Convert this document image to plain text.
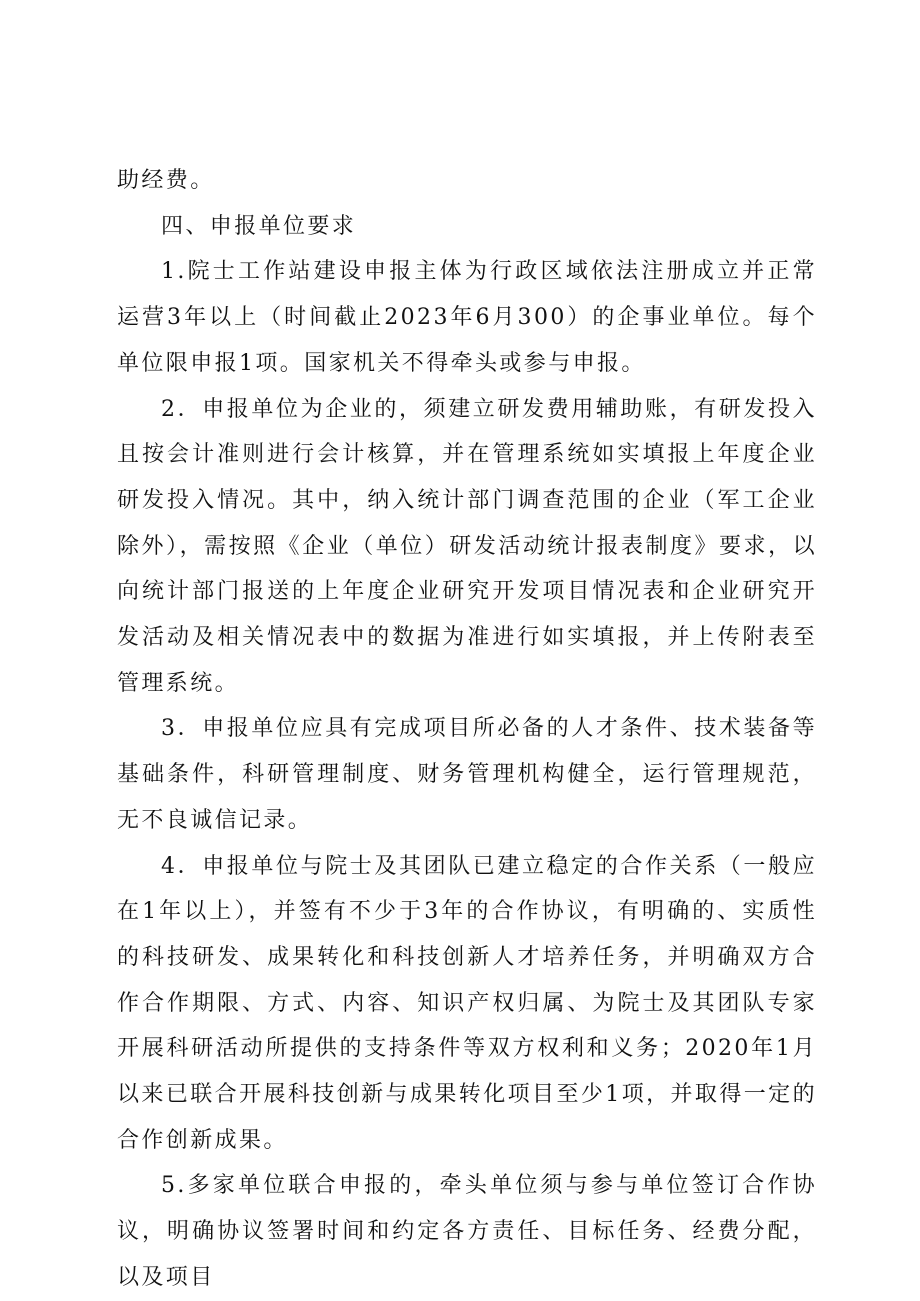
助经费。

四、申报单位要求

1.院士工作站建设申报主体为行政区域依法注册成立并正常运营3年以上（时间截止2023年6月300）的企事业单位。每个单位限申报1项。国家机关不得牵头或参与申报。

2．申报单位为企业的，须建立研发费用辅助账，有研发投入且按会计准则进行会计核算，并在管理系统如实填报上年度企业研发投入情况。其中，纳入统计部门调查范围的企业（军工企业除外），需按照《企业（单位）研发活动统计报表制度》要求，以向统计部门报送的上年度企业研究开发项目情况表和企业研究开发活动及相关情况表中的数据为准进行如实填报，并上传附表至管理系统。

3．申报单位应具有完成项目所必备的人才条件、技术装备等基础条件，科研管理制度、财务管理机构健全，运行管理规范，无不良诚信记录。

4．申报单位与院士及其团队已建立稳定的合作关系（一般应在1年以上），并签有不少于3年的合作协议，有明确的、实质性的科技研发、成果转化和科技创新人才培养任务，并明确双方合作合作期限、方式、内容、知识产权归属、为院士及其团队专家开展科研活动所提供的支持条件等双方权利和义务；2020年1月以来已联合开展科技创新与成果转化项目至少1项，并取得一定的合作创新成果。

5.多家单位联合申报的，牵头单位须与参与单位签订合作协议，明确协议签署时间和约定各方责任、目标任务、经费分配，以及项目
